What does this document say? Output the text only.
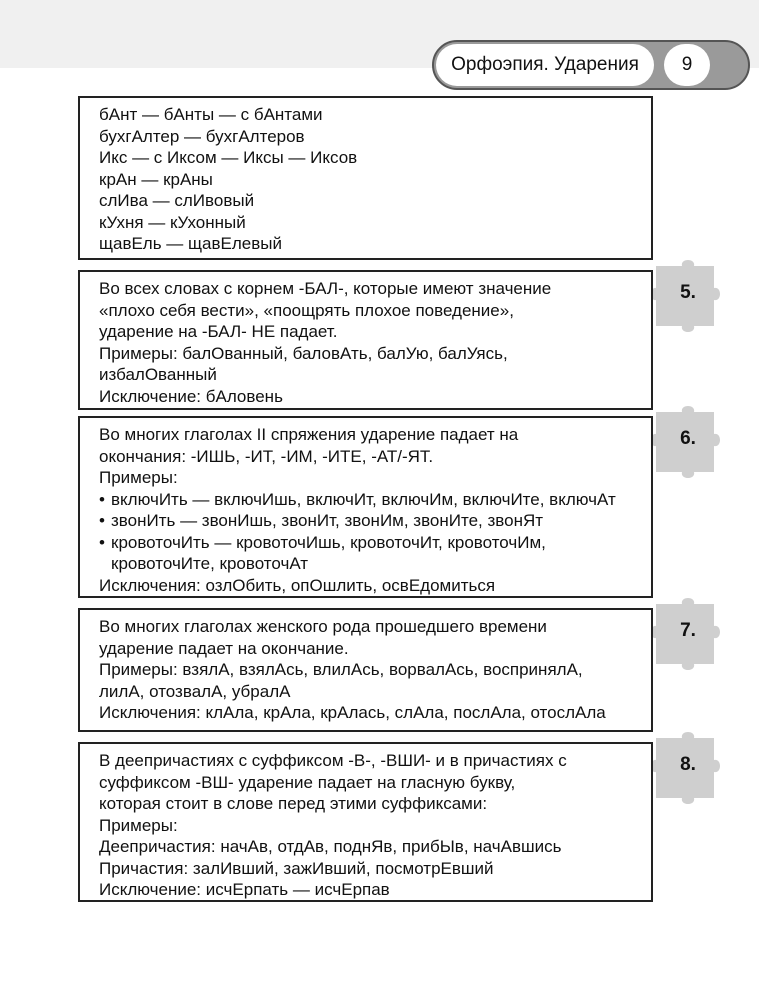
Орфоэпия. Ударения	9
бАнт — бАнты — с бАнтами
бухгАлтер — бухгАлтеров
Икс — с Иксом — Иксы — Иксов
крАн — крАны
слИва — слИвовый
кУхня — кУхонный
щавЕль — щавЕлевый
5.
Во всех словах с корнем -БАЛ-, которые имеют значение
«плохо себя вести», «поощрять плохое поведение»,
ударение на -БАЛ- НЕ падает.
Примеры: балОванный, баловАть, балУю, балУясь,
избалОванный
Исключение: бАловень
6.
Во многих глаголах II спряжения ударение падает на
окончания: -ИШЬ, -ИТ, -ИМ, -ИТЕ, -АТ/-ЯТ.
Примеры:
• включИть — включИшь, включИт, включИм, включИте, включАт
• звонИть — звонИшь, звонИт, звонИм, звонИте, звонЯт
• кровоточИть — кровоточИшь, кровоточИт, кровоточИм,
кровоточИте, кровоточАт
Исключения: озлОбить, опОшлить, освЕдомиться
7.
Во многих глаголах женского рода прошедшего времени
ударение падает на окончание.
Примеры: взялА, взялАсь, влилАсь, ворвалАсь, воспринялА,
лилА, отозвалА, убралА
Исключения: клАла, крАла, крАлась, слАла, послАла, отослАла
8.
В деепричастиях с суффиксом -В-, -ВШИ- и в причастиях с
суффиксом -ВШ- ударение падает на гласную букву,
которая стоит в слове перед этими суффиксами:
Примеры:
Деепричастия: начАв, отдАв, поднЯв, прибЫв, начАвшись
Причастия: залИвший, зажИвший, посмотрЕвший
Исключение: исчЕрпать — исчЕрпав
